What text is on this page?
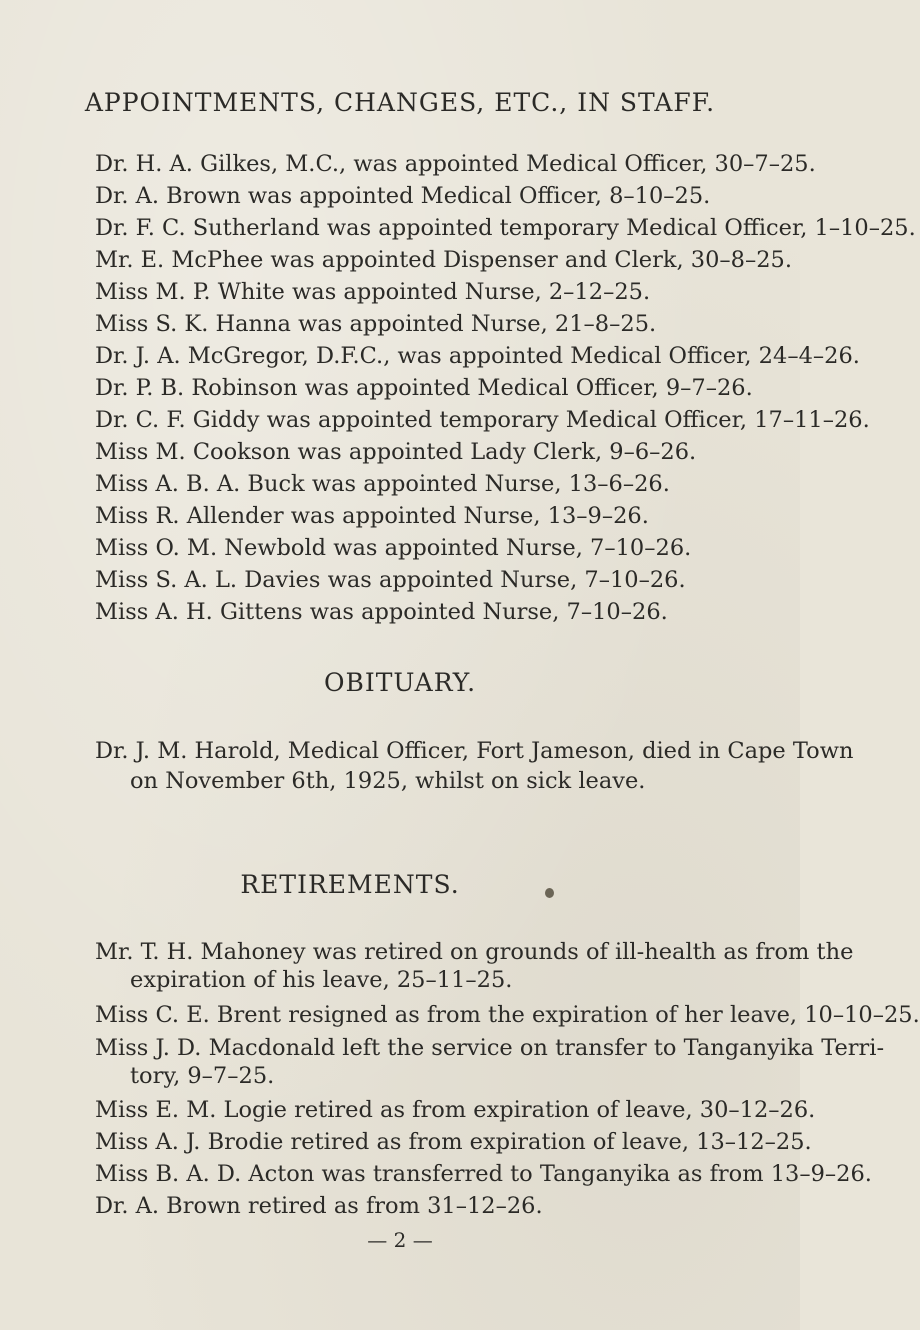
APPOINTMENTS, CHANGES, ETC., IN STAFF.
Dr. H. A. Gilkes, M.C., was appointed Medical Officer, 30–7–25.
Dr. A. Brown was appointed Medical Officer, 8–10–25.
Dr. F. C. Sutherland was appointed temporary Medical Officer, 1–10–25.
Mr. E. McPhee was appointed Dispenser and Clerk, 30–8–25.
Miss M. P. White was appointed Nurse, 2–12–25.
Miss S. K. Hanna was appointed Nurse, 21–8–25.
Dr. J. A. McGregor, D.F.C., was appointed Medical Officer, 24–4–26.
Dr. P. B. Robinson was appointed Medical Officer, 9–7–26.
Dr. C. F. Giddy was appointed temporary Medical Officer, 17–11–26.
Miss M. Cookson was appointed Lady Clerk, 9–6–26.
Miss A. B. A. Buck was appointed Nurse, 13–6–26.
Miss R. Allender was appointed Nurse, 13–9–26.
Miss O. M. Newbold was appointed Nurse, 7–10–26.
Miss S. A. L. Davies was appointed Nurse, 7–10–26.
Miss A. H. Gittens was appointed Nurse, 7–10–26.
OBITUARY.
Dr. J. M. Harold, Medical Officer, Fort Jameson, died in Cape Town
on November 6th, 1925, whilst on sick leave.
RETIREMENTS.
Mr. T. H. Mahoney was retired on grounds of ill-health as from the
expiration of his leave, 25–11–25.
Miss C. E. Brent resigned as from the expiration of her leave, 10–10–25.
Miss J. D. Macdonald left the service on transfer to Tanganyika Terri-
tory, 9–7–25.
Miss E. M. Logie retired as from expiration of leave, 30–12–26.
Miss A. J. Brodie retired as from expiration of leave, 13–12–25.
Miss B. A. D. Acton was transferred to Tanganyika as from 13–9–26.
Dr. A. Brown retired as from 31–12–26.
— 2 —
